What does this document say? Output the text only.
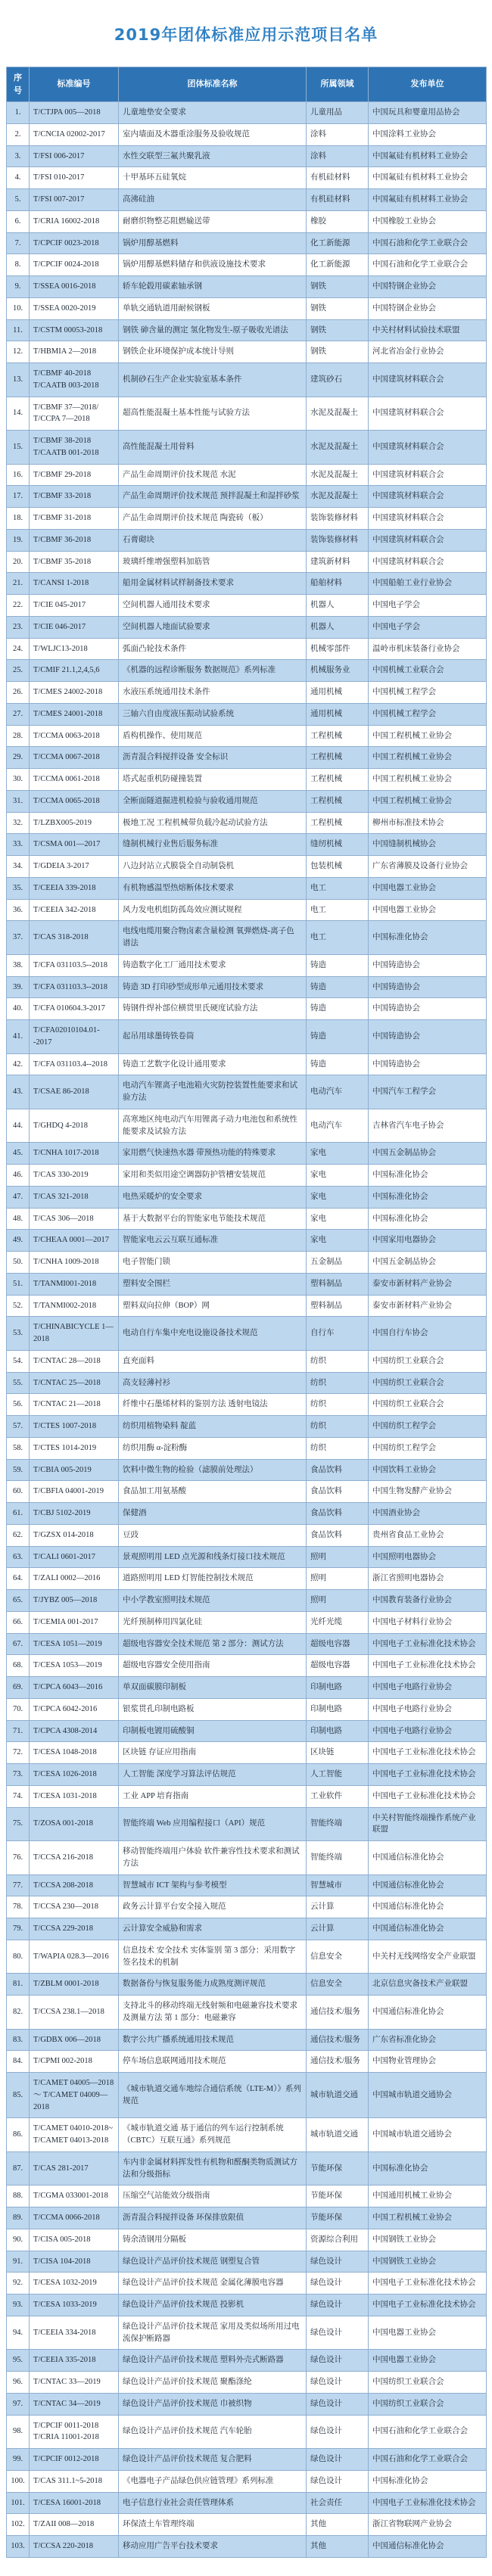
2019年团体标准应用示范项目名单
序号	标准编号	团体标准名称	所属领域	发布单位
1.	T/CTJPA 005—2018	儿童地垫安全要求	儿童用品	中国玩具和婴童用品协会
2.	T/CNCIA 02002-2017	室内墙面及木器重涂服务及验收规范	涂料	中国涂料工业协会
3.	T/FSI 006-2017	水性交联型三氟共聚乳液	涂料	中国氟硅有机材料工业协会
4.	T/FSI 010-2017	十甲基环五硅氧烷	有机硅材料	中国氟硅有机材料工业协会
5.	T/FSI 007-2017	高沸硅油	有机硅材料	中国氟硅有机材料工业协会
6.	T/CRIA 16002-2018	耐磨织物整芯阻燃输送带	橡胶	中国橡胶工业协会
7.	T/CPCIF 0023-2018	锅炉用醇基燃料	化工新能源	中国石油和化学工业联合会
8.	T/CPCIF 0024-2018	锅炉用醇基燃料储存和供液设施技术要求	化工新能源	中国石油和化学工业联合会
9.	T/SSEA 0016-2018	轿车轮毂用碳素轴承钢	钢铁	中国特钢企业协会
10.	T/SSEA 0020-2019	单轨交通轨道用耐候钢板	钢铁	中国特钢企业协会
11.	T/CSTM 00053-2018	钢铁 砷含量的测定 氢化物发生-原子吸收光谱法	钢铁	中关村材料试验技术联盟
12.	T/HBMIA 2—2018	钢铁企业环境保护成本统计导则	钢铁	河北省冶金行业协会
13.	T/CBMF 40-2018 T/CAATB 003-2018	机制砂石生产企业实验室基本条件	建筑砂石	中国建筑材料联合会
14.	T/CBMF 37—2018/ T/CCPA 7—2018	超高性能混凝土基本性能与试验方法	水泥及混凝土	中国建筑材料联合会
15.	T/CBMF 38-2018 T/CAATB 001-2018	高性能混凝土用骨料	水泥及混凝土	中国建筑材料联合会
16.	T/CBMF 29-2018	产品生命周期评价技术规范 水泥	水泥及混凝土	中国建筑材料联合会
17.	T/CBMF 33-2018	产品生命周期评价技术规范 预拌混凝土和湿拌砂浆	水泥及混凝土	中国建筑材料联合会
18.	T/CBMF 31-2018	产品生命周期评价技术规范 陶瓷砖（板）	装饰装修材料	中国建筑材料联合会
19.	T/CBMF 36-2018	石膏砌块	装饰装修材料	中国建筑材料联合会
20.	T/CBMF 35-2018	玻璃纤维增强塑料加筋管	建筑新材料	中国建筑材料联合会
21.	T/CANSI 1-2018	船用金属材料试样制备技术要求	船舶材料	中国船舶工业行业协会
22.	T/CIE 045-2017	空间机器人通用技术要求	机器人	中国电子学会
23.	T/CIE 046-2017	空间机器人地面试验要求	机器人	中国电子学会
24.	T/WLJC13-2018	弧面凸轮技术条件	机械零部件	温岭市机床装备行业协会
25.	T/CMIF 21.1,2,4,5,6	《机器的远程诊断服务 数据规范》系列标准	机械服务业	中国机械工业联合会
26.	T/CMES 24002-2018	水液压系统通用技术条件	通用机械	中国机械工程学会
27.	T/CMES 24001-2018	三轴六自由度液压振动试验系统	通用机械	中国机械工程学会
28.	T/CCMA 0063-2018	盾构机操作、使用规范	工程机械	中国工程机械工业协会
29.	T/CCMA 0067-2018	沥青混合料搅拌设备 安全标识	工程机械	中国工程机械工业协会
30.	T/CCMA 0061-2018	塔式起重机防碰撞装置	工程机械	中国工程机械工业协会
31.	T/CCMA 0065-2018	全断面隧道掘进机检验与验收通用规范	工程机械	中国工程机械工业协会
32.	T/LZBX005-2019	极地工况 工程机械带负载冷起动试验方法	工程机械	柳州市标准技术协会
33.	T/CSMA 001—2017	缝制机械行业售后服务标准	缝纫机械	中国缝制机械协会
34.	T/GDEIA 3-2017	八边封站立式膜袋全自动制袋机	包装机械	广东省薄膜及设备行业协会
35.	T/CEEIA 339-2018	有机物感温型热熔断体技术要求	电工	中国电器工业协会
36.	T/CEEIA 342-2018	风力发电机组防孤岛效应测试规程	电工	中国电器工业协会
37.	T/CAS 318-2018	电线电缆用聚合物卤素含量检测 氧弹燃烧-离子色谱法	电工	中国标准化协会
38.	T/CFA 031103.5--2018	铸造数字化工厂通用技术要求	铸造	中国铸造协会
39.	T/CFA 031103.3--2018	铸造 3D 打印砂型成形单元通用技术要求	铸造	中国铸造协会
40.	T/CFA 010604.3-2017	铸钢件焊补部位横贯里氏硬度试验方法	铸造	中国铸造协会
41.	T/CFA02010104.01--2017	起吊用球墨铸铁卷筒	铸造	中国铸造协会
42.	T/CFA 031103.4--2018	铸造工艺数字化设计通用要求	铸造	中国铸造协会
43.	T/CSAE 86-2018	电动汽车锂离子电池箱火灾防控装置性能要求和试验方法	电动汽车	中国汽车工程学会
44.	T/GHDQ 4-2018	高寒地区纯电动汽车用锂离子动力电池包和系统性能要求及试验方法	电动汽车	吉林省汽车电子协会
45.	T/CNHA 1017-2018	家用燃气快速热水器 带预热功能的特殊要求	家电	中国五金制品协会
46.	T/CAS 330-2019	家用和类似用途空调器防护管槽安装规范	家电	中国标准化协会
47.	T/CAS 321-2018	电热采暖炉的安全要求	家电	中国标准化协会
48.	T/CAS 306—2018	基于大数据平台的智能家电节能技术规范	家电	中国标准化协会
49.	T/CHEAA 0001—2017	智能家电云云互联互通标准	家电	中国家用电器协会
50.	T/CNHA 1009-2018	电子智能门锁	五金制品	中国五金制品协会
51.	T/TANMI001-2018	塑料安全围栏	塑料制品	泰安市新材料产业协会
52.	T/TANMI002-2018	塑料双向拉伸（BOP）网	塑料制品	泰安市新材料产业协会
53.	T/CHINABICYCLE 1—2018	电动自行车集中充电设施设备技术规范	自行车	中国自行车协会
54.	T/CNTAC 28—2018	直充面料	纺织	中国纺织工业联合会
55.	T/CNTAC 25—2018	高支轻薄衬衫	纺织	中国纺织工业联合会
56.	T/CNTAC 21—2018	纤维中石墨烯材料的鉴别方法 透射电镜法	纺织	中国纺织工业联合会
57.	T/CTES 1007-2018	纺织用植物染料 靛蓝	纺织	中国纺织工程学会
58.	T/CTES 1014-2019	纺织用酶 α-淀粉酶	纺织	中国纺织工程学会
59.	T/CBIA 005-2019	饮料中微生物的检验（滤膜前处理法）	食品饮料	中国饮料工业协会
60.	T/CBFIA 04001-2019	食品加工用氨基酸	食品饮料	中国生物发酵产业协会
61.	T/CBJ 5102-2019	保健酒	食品饮料	中国酒业协会
62.	T/GZSX 014-2018	豆豉	食品饮料	贵州省食品工业协会
63.	T/CALI 0601-2017	景观照明用 LED 点光源和线条灯接口技术规范	照明	中国照明电器协会
64.	T/ZALI 0002—2016	道路照明用 LED 灯智能控制技术规范	照明	浙江省照明电器协会
65.	T/JYBZ 005—2018	中小学教室照明技术规范	照明	中国教育装备行业协会
66.	T/CEMIA 001-2017	光纤预制棒用四氯化硅	光纤光缆	中国电子材料行业协会
67.	T/CESA 1051—2019	超级电容器安全技术规范 第 2 部分：测试方法	超级电容器	中国电子工业标准化技术协会
68.	T/CESA 1053—2019	超级电容器安全使用指南	超级电容器	中国电子工业标准化技术协会
69.	T/CPCA 6043—2016	单双面碳膜印制板	印制电路	中国电子电路行业协会
70.	T/CPCA 6042-2016	银浆贯孔印制电路板	印制电路	中国电子电路行业协会
71.	T/CPCA 4308-2014	印制板电镀用硫酸铜	印制电路	中国电子电路行业协会
72.	T/CESA 1048-2018	区块链 存证应用指南	区块链	中国电子工业标准化技术协会
73.	T/CESA 1026-2018	人工智能 深度学习算法评估规范	人工智能	中国电子工业标准化技术协会
74.	T/CESA 1031-2018	工业 APP 培育指南	工业软件	中国电子工业标准化技术协会
75.	T/ZOSA 001-2018	智能终端 Web 应用编程接口（API）规范	智能终端	中关村智能终端操作系统产业联盟
76.	T/CCSA 216-2018	移动智能终端用户体验 软件兼容性技术要求和测试方法	智能终端	中国通信标准化协会
77.	T/CCSA 208-2018	智慧城市 ICT 架构与参考模型	智慧城市	中国通信标准化协会
78.	T/CCSA 230—2018	政务云计算平台安全接入规范	云计算	中国通信标准化协会
79.	T/CCSA 229-2018	云计算安全威胁和需求	云计算	中国通信标准化协会
80.	T/WAPIA 028.3—2016	信息技术 安全技术 实体鉴别 第 3 部分：采用数字签名技术的机制	信息安全	中关村无线网络安全产业联盟
81.	T/ZBLM 0001-2018	数据备份与恢复服务能力成熟度测评规范	信息安全	北京信息灾备技术产业联盟
82.	T/CCSA 238.1—2018	支持北斗的移动终端无线射频和电磁兼容技术要求及测量方法 第 1 部分：电磁兼容	通信技术/服务	中国通信标准化协会
83.	T/GDBX 006—2018	数字公共广播系统通用技术规范	通信技术/服务	广东省标准化协会
84.	T/CPMI 002-2018	停车场信息联网通用技术规范	通信技术/服务	中国物业管理协会
85.	T/CAMET 04005—2018～ T/CAMET 04009—2018	《城市轨道交通车地综合通信系统（LTE-M）》系列规范	城市轨道交通	中国城市轨道交通协会
86.	T/CAMET 04010-2018~ T/CAMET 04013-2018	《城市轨道交通 基于通信的列车运行控制系统（CBTC）互联互通》系列规范	城市轨道交通	中国城市轨道交通协会
87.	T/CAS 281-2017	车内非金属材料挥发性有机物和醛酮类物质测试方法和分级指标	节能环保	中国标准化协会
88.	T/CGMA 033001-2018	压缩空气站能效分级指南	节能环保	中国通用机械工业协会
89.	T/CCMA 0066-2018	沥青混合料搅拌设备 环保排放限值	节能环保	中国工程机械工业协会
90.	T/CISA 005-2018	铸余渣钢用分隔板	资源综合利用	中国钢铁工业协会
91.	T/CISA 104-2018	绿色设计产品评价技术规范 钢塑复合管	绿色设计	中国钢铁工业协会
92.	T/CESA 1032-2019	绿色设计产品评价技术规范 金属化薄膜电容器	绿色设计	中国电子工业标准化技术协会
93.	T/CESA 1033-2019	绿色设计产品评价技术规范 投影机	绿色设计	中国电子工业标准化技术协会
94.	T/CEEIA 334-2018	绿色设计产品评价技术规范 家用及类似场所用过电流保护断路器	绿色设计	中国电器工业协会
95.	T/CEEIA 335-2018	绿色设计产品评价技术规范 塑料外壳式断路器	绿色设计	中国电器工业协会
96.	T/CNTAC 33—2019	绿色设计产品评价技术规范 聚酯涤纶	绿色设计	中国纺织工业联合会
97.	T/CNTAC 34—2019	绿色设计产品评价技术规范 巾被织物	绿色设计	中国纺织工业联合会
98.	T/CPCIF 0011-2018 T/CRIA 11001-2018	绿色设计产品评价技术规范 汽车轮胎	绿色设计	中国石油和化学工业联合会
99.	T/CPCIF 0012-2018	绿色设计产品评价技术规范 复合肥料	绿色设计	中国石油和化学工业联合会
100.	T/CAS 311.1~5-2018	《电器电子产品绿色供应链管理》系列标准	绿色设计	中国标准化协会
101.	T/CESA 16001-2018	电子信息行业社会责任管理体系	社会责任	中国电子工业标准化技术协会
102.	T/ZAII 008—2018	环保渣土车管理终端	其他	浙江省物联网产业协会
103.	T/CCSA 220-2018	移动应用广告平台技术要求	其他	中国通信标准化协会
